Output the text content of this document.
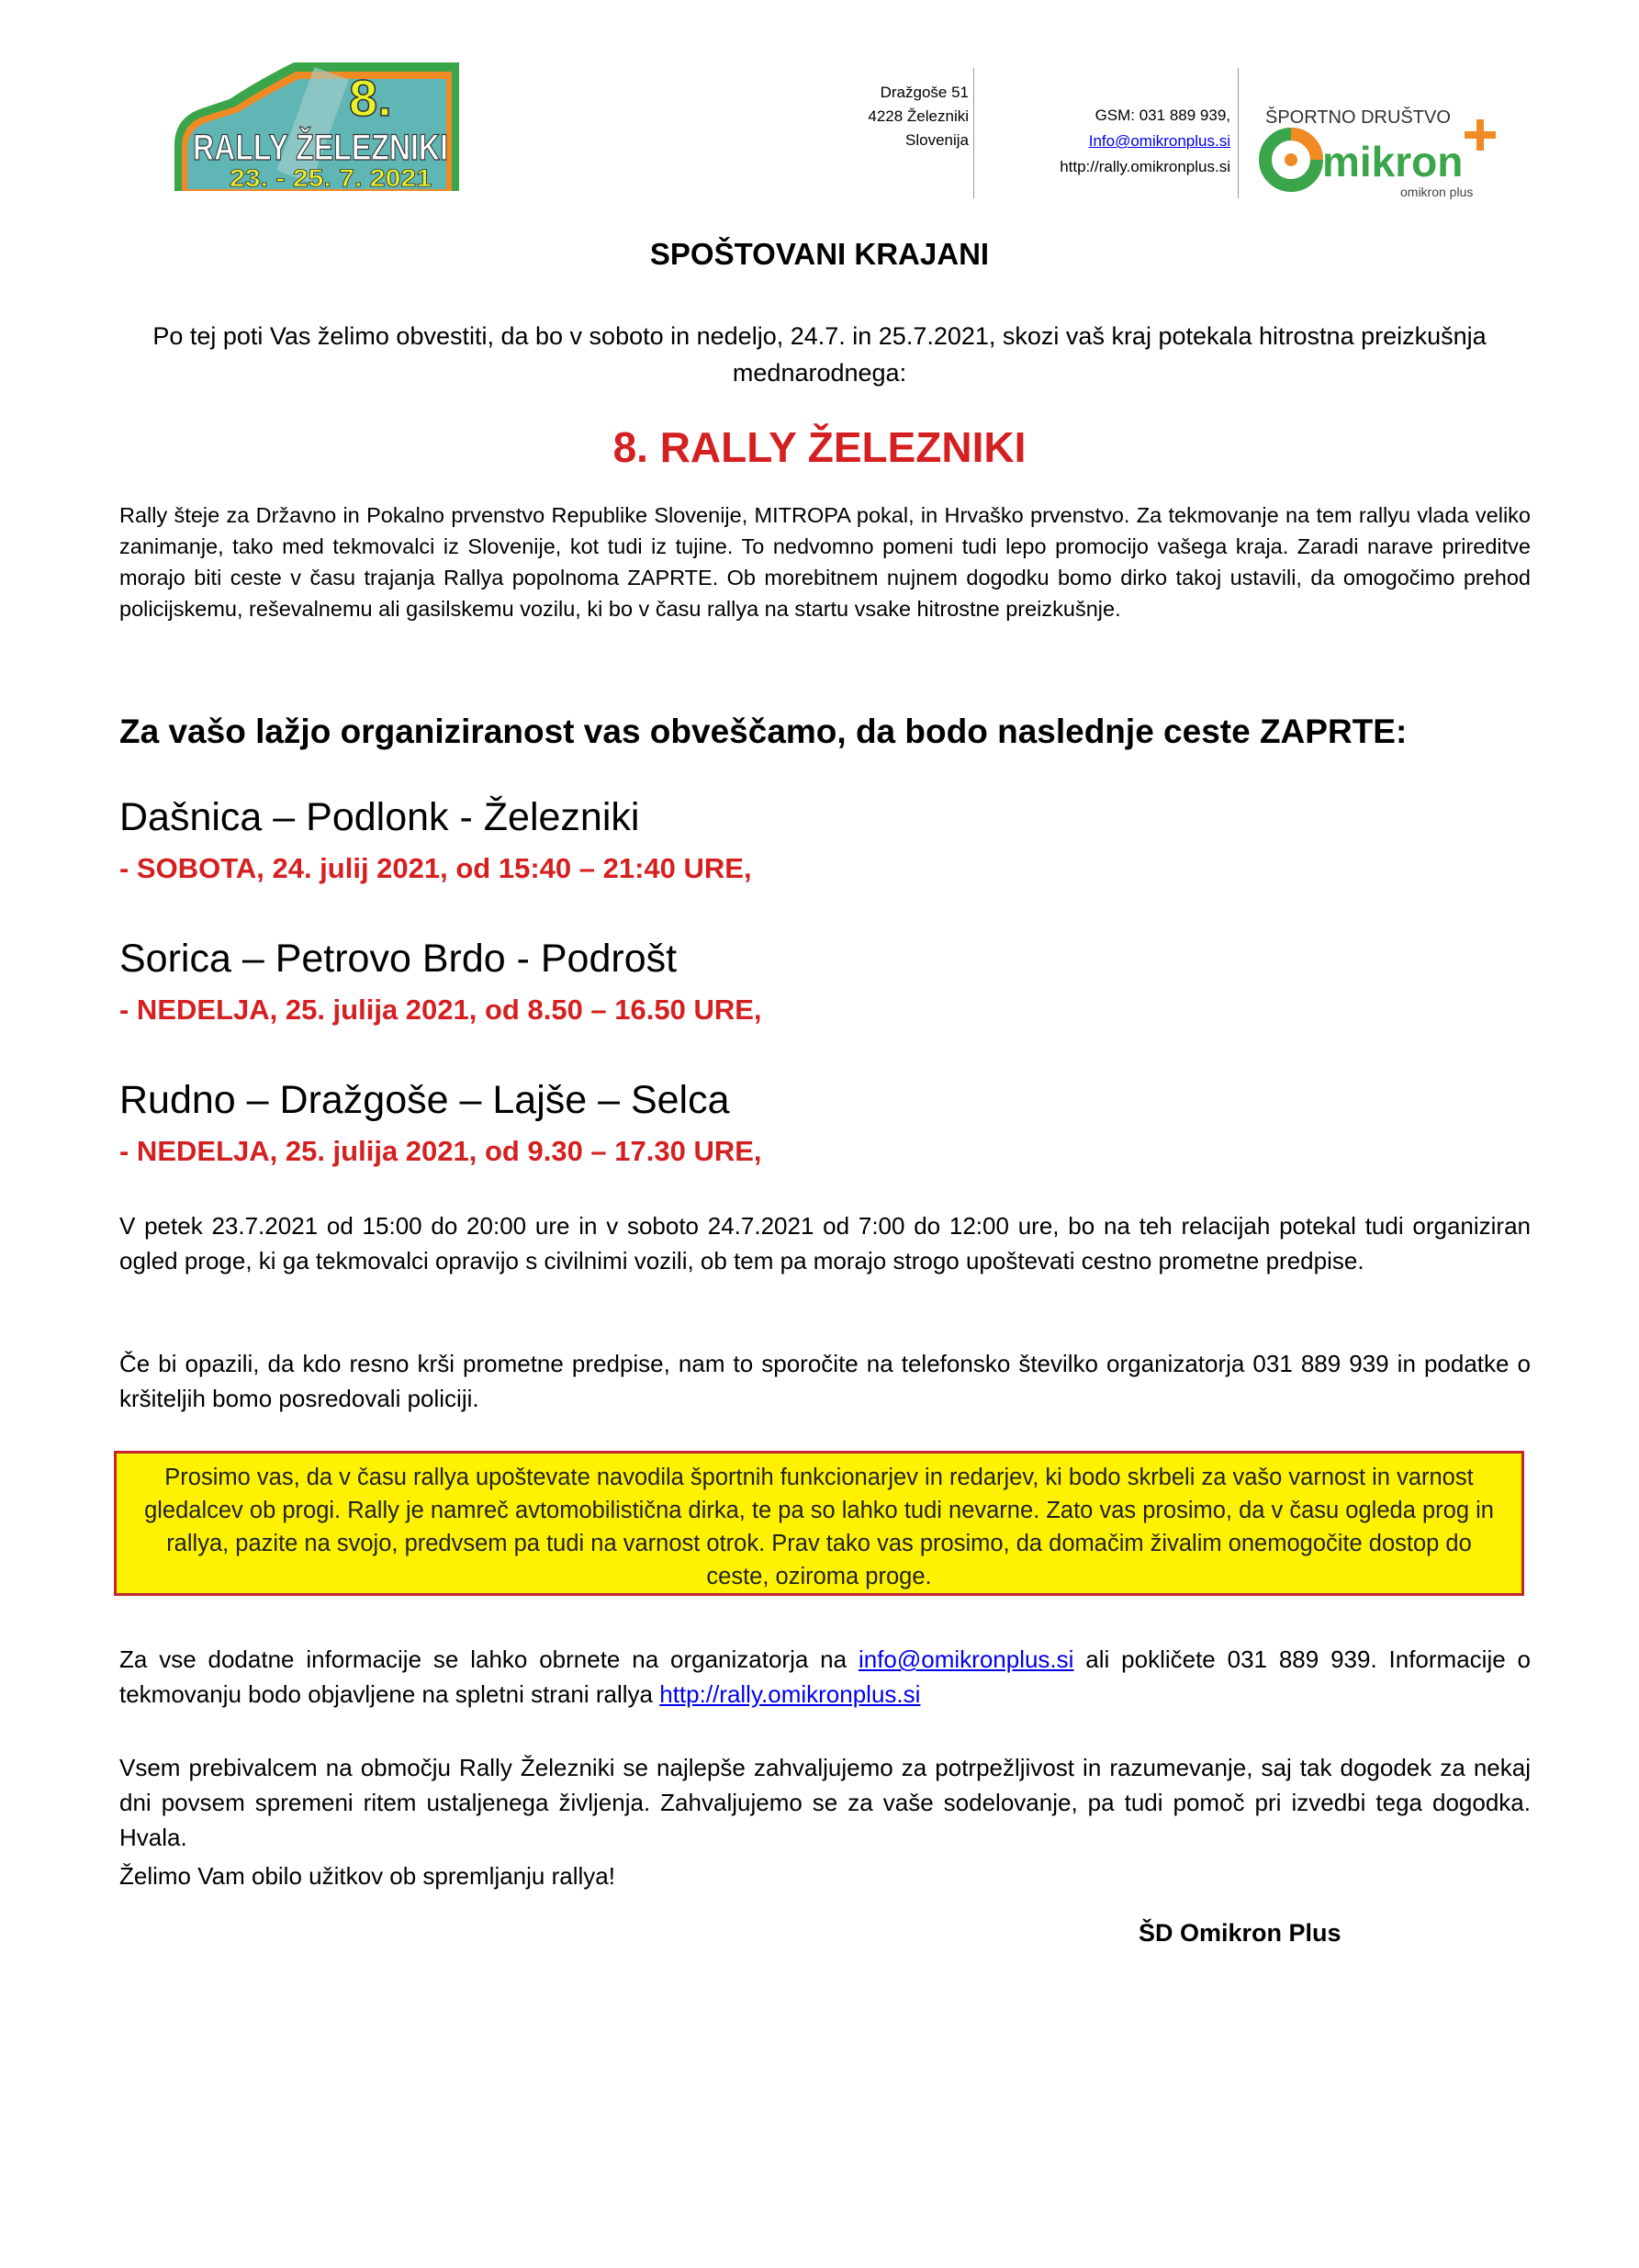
8.
RALLY ŽELEZNIKI
23. - 25. 7. 2021
Dražgoše 51
4228 Železniki
Slovenija
GSM: 031 889 939,
Info@omikronplus.si
http://rally.omikronplus.si
ŠPORTNO DRUŠTVO
mikron
omikron plus
SPOŠTOVANI KRAJANI
Po tej poti Vas želimo obvestiti, da bo v soboto in nedeljo, 24.7. in 25.7.2021, skozi vaš kraj potekala hitrostna preizkušnja mednarodnega:
8. RALLY ŽELEZNIKI
Rally šteje za Državno in Pokalno prvenstvo Republike Slovenije, MITROPA pokal, in Hrvaško prvenstvo. Za tekmovanje na tem rallyu vlada veliko zanimanje, tako med tekmovalci iz Slovenije, kot tudi iz tujine. To nedvomno pomeni tudi lepo promocijo vašega kraja. Zaradi narave prireditve morajo biti ceste v času trajanja Rallya popolnoma ZAPRTE. Ob morebitnem nujnem dogodku bomo dirko takoj ustavili, da omogočimo prehod policijskemu, reševalnemu ali gasilskemu vozilu, ki bo v času rallya na startu vsake hitrostne preizkušnje.
Za vašo lažjo organiziranost vas obveščamo, da bodo naslednje ceste ZAPRTE:
Dašnica – Podlonk - Železniki
- SOBOTA, 24. julij 2021, od 15:40 – 21:40 URE,
Sorica – Petrovo Brdo - Podrošt
- NEDELJA, 25. julija 2021, od 8.50 – 16.50 URE,
Rudno – Dražgoše – Lajše – Selca
- NEDELJA, 25. julija 2021, od 9.30 – 17.30 URE,
V petek 23.7.2021 od 15:00 do 20:00 ure in v soboto 24.7.2021 od 7:00 do 12:00 ure, bo na teh relacijah potekal tudi organiziran ogled proge, ki ga tekmovalci opravijo s civilnimi vozili, ob tem pa morajo strogo upoštevati cestno prometne predpise.
Če bi opazili, da kdo resno krši prometne predpise, nam to sporočite na telefonsko številko organizatorja 031 889 939 in podatke o kršiteljih bomo posredovali policiji.
Prosimo vas, da v času rallya upoštevate navodila športnih funkcionarjev in redarjev, ki bodo skrbeli za vašo varnost in varnost gledalcev ob progi. Rally je namreč avtomobilistična dirka, te pa so lahko tudi nevarne. Zato vas prosimo, da v času ogleda prog in rallya, pazite na svojo, predvsem pa tudi na varnost otrok. Prav tako vas prosimo, da domačim živalim onemogočite dostop do ceste, oziroma proge.
Za vse dodatne informacije se lahko obrnete na organizatorja na info@omikronplus.si ali pokličete 031 889 939. Informacije o tekmovanju bodo objavljene na spletni strani rallya http://rally.omikronplus.si
Vsem prebivalcem na območju Rally Železniki se najlepše zahvaljujemo za potrpežljivost in razumevanje, saj tak dogodek za nekaj dni povsem spremeni ritem ustaljenega življenja. Zahvaljujemo se za vaše sodelovanje, pa tudi pomoč pri izvedbi tega dogodka. Hvala.
Želimo Vam obilo užitkov ob spremljanju rallya!
ŠD Omikron Plus
